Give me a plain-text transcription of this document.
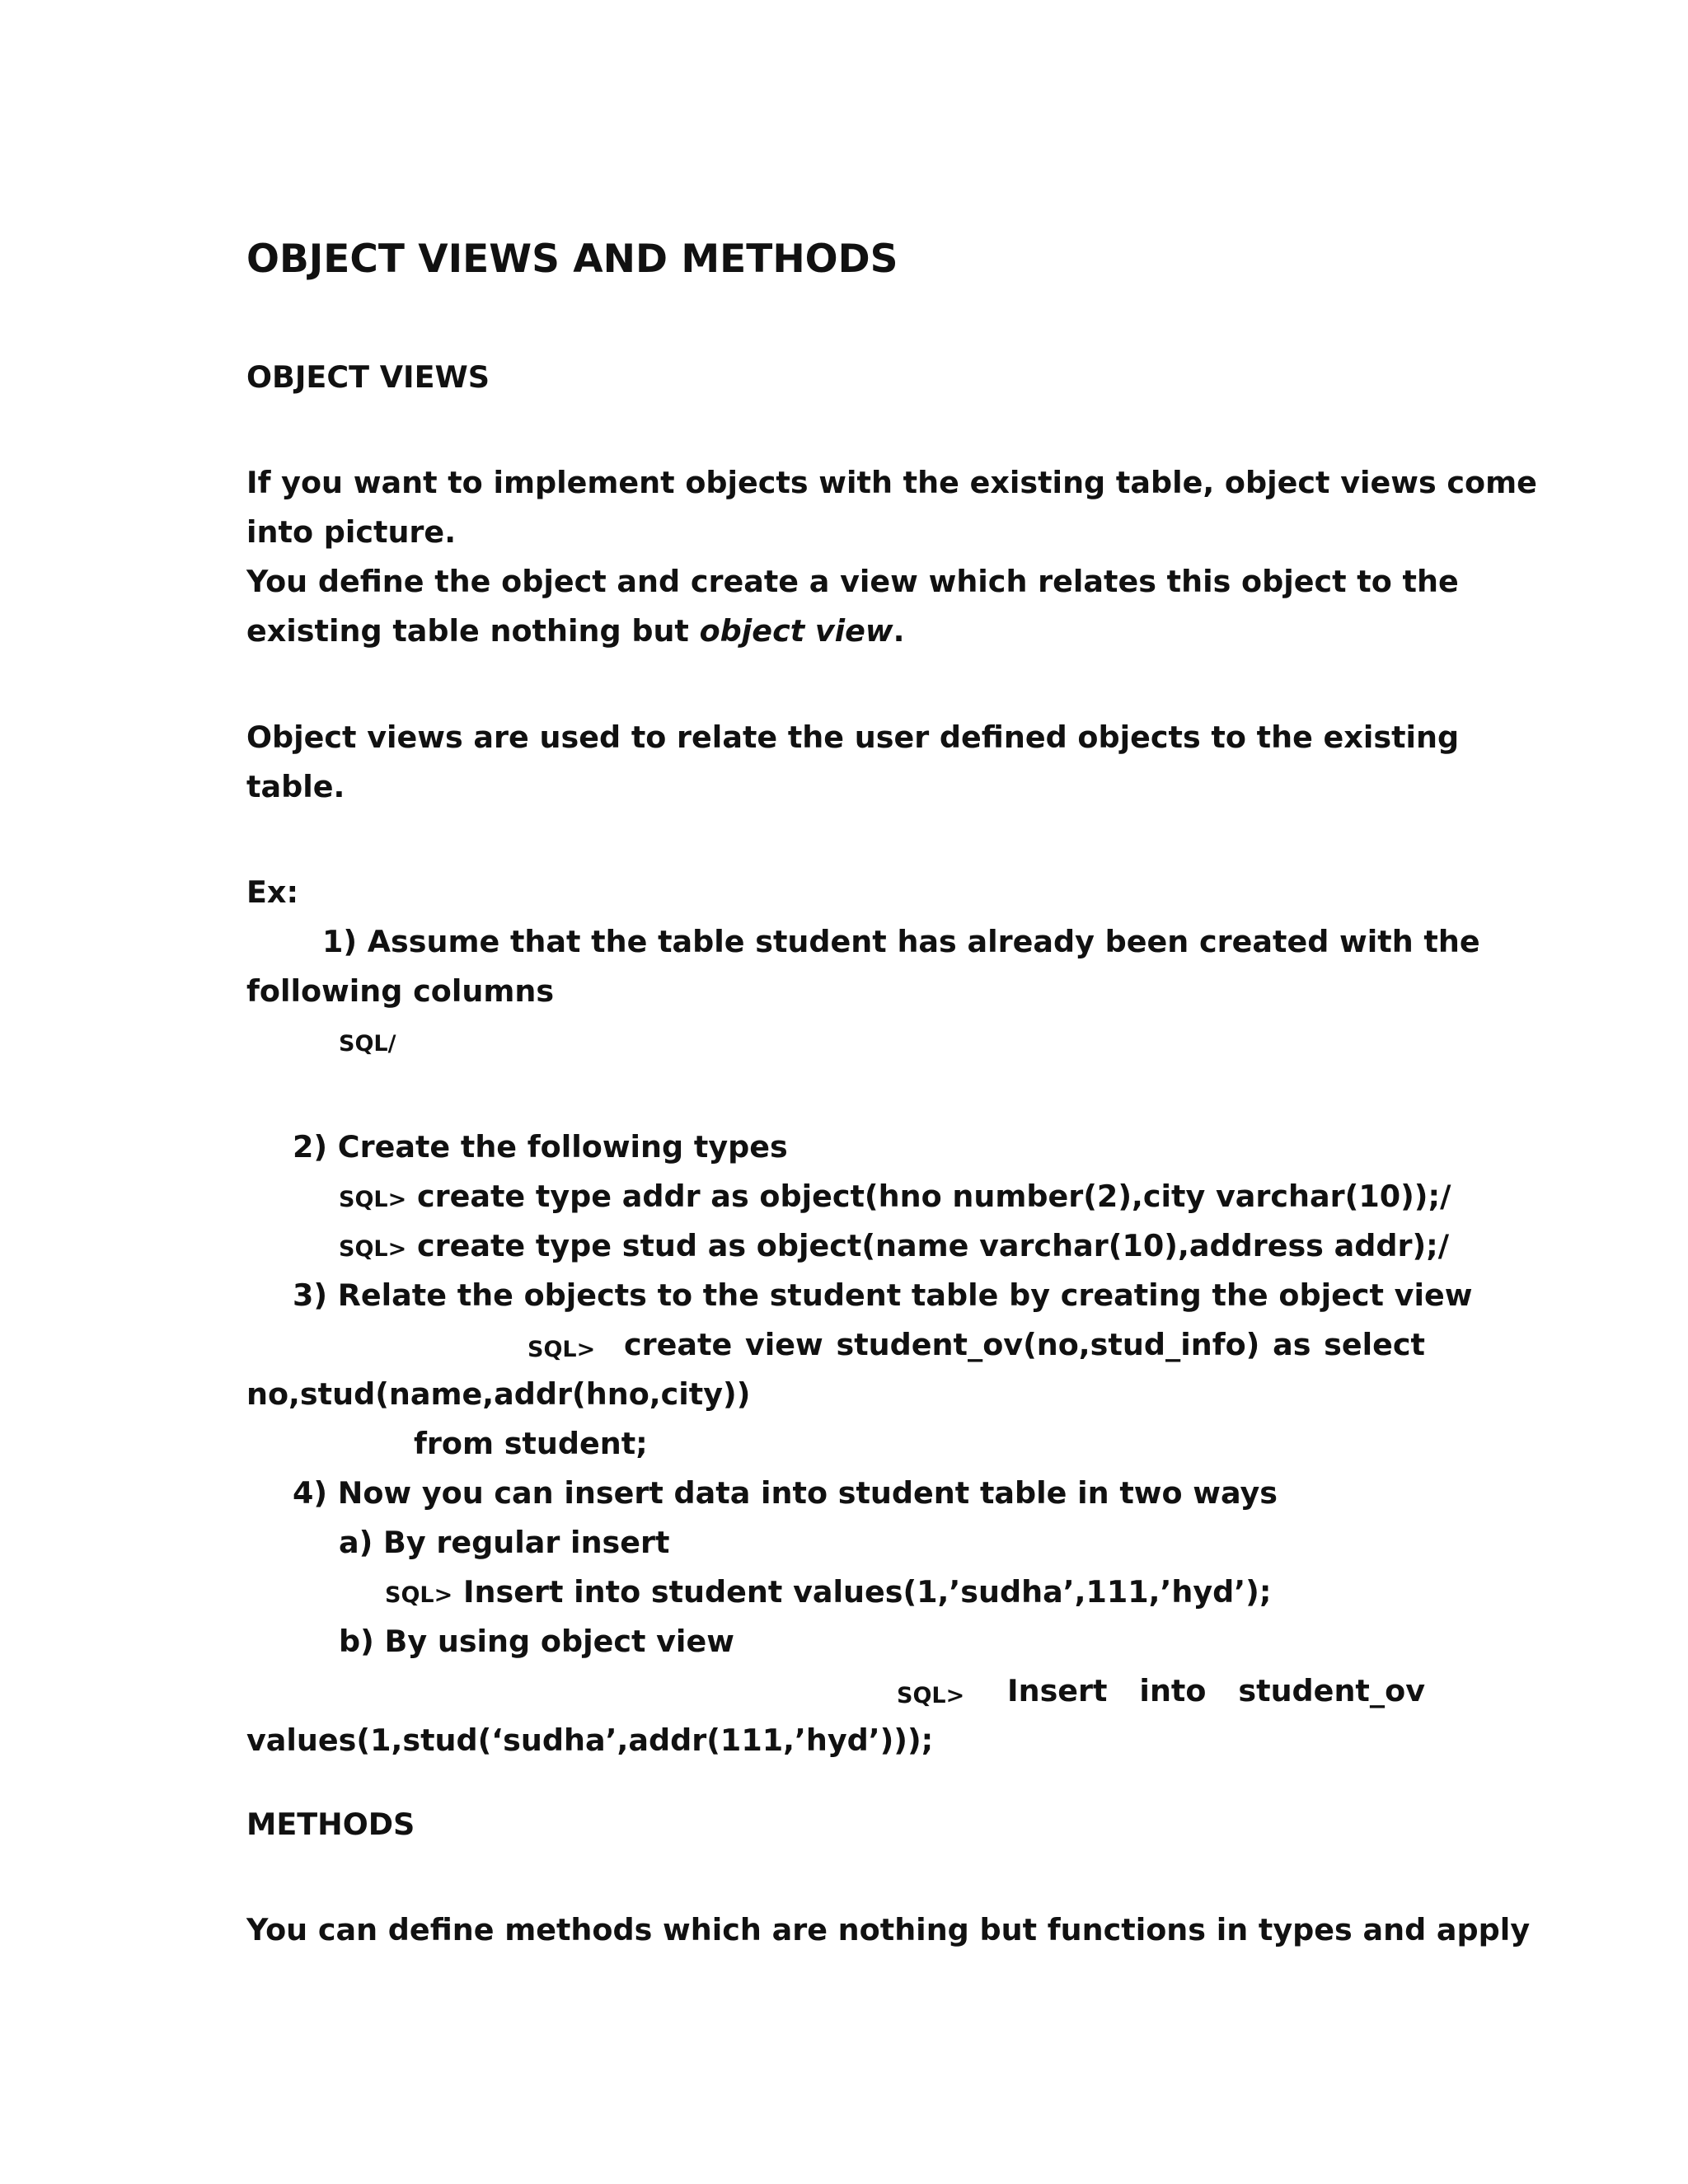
OBJECT VIEWS AND METHODS
OBJECT VIEWS
If you want to implement objects with the existing table, object views come
into picture.
You define the object and create a view which relates this object to the
existing table nothing but object view.
Object views are used to relate the user defined objects to the existing
table.
Ex:
1) Assume that the table student has already been created with the
following columns
SQL/
2) Create the following types
SQL> create type addr as object(hno number(2),city varchar(10));/
SQL> create type stud as object(name varchar(10),address addr);/
3) Relate the objects to the student table by creating the object view
SQL> create view student_ov(no,stud_info) as select
no,stud(name,addr(hno,city))
from student;
4) Now you can insert data into student table in two ways
a) By regular insert
SQL> Insert into student values(1,’sudha’,111,’hyd’);
b) By using object view
SQL> Insert into student_ov
values(1,stud(‘sudha’,addr(111,’hyd’)));
METHODS
You can define methods which are nothing but functions in types and apply
